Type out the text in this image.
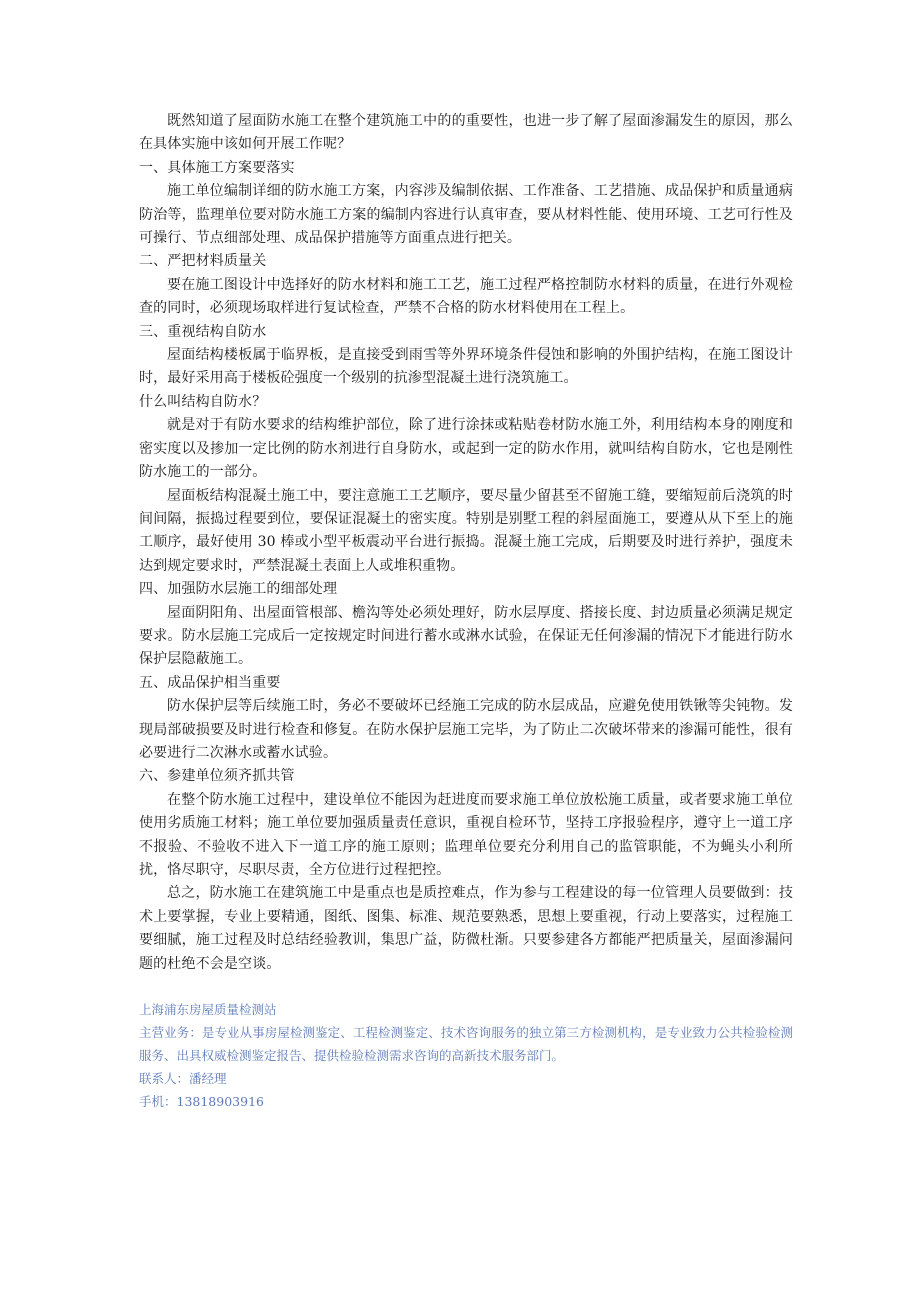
既然知道了屋面防水施工在整个建筑施工中的的重要性，也进一步了解了屋面渗漏发生的原因，那么在具体实施中该如何开展工作呢？

一、具体施工方案要落实

施工单位编制详细的防水施工方案，内容涉及编制依据、工作准备、工艺措施、成品保护和质量通病防治等，监理单位要对防水施工方案的编制内容进行认真审查，要从材料性能、使用环境、工艺可行性及可操行、节点细部处理、成品保护措施等方面重点进行把关。

二、严把材料质量关

要在施工图设计中选择好的防水材料和施工工艺，施工过程严格控制防水材料的质量，在进行外观检查的同时，必须现场取样进行复试检查，严禁不合格的防水材料使用在工程上。

三、重视结构自防水

屋面结构楼板属于临界板，是直接受到雨雪等外界环境条件侵蚀和影响的外围护结构，在施工图设计时，最好采用高于楼板砼强度一个级别的抗渗型混凝土进行浇筑施工。

什么叫结构自防水？

就是对于有防水要求的结构维护部位，除了进行涂抹或粘贴卷材防水施工外，利用结构本身的刚度和密实度以及掺加一定比例的防水剂进行自身防水，或起到一定的防水作用，就叫结构自防水，它也是刚性防水施工的一部分。

屋面板结构混凝土施工中，要注意施工工艺顺序，要尽量少留甚至不留施工缝，要缩短前后浇筑的时间间隔，振捣过程要到位，要保证混凝土的密实度。特别是别墅工程的斜屋面施工，要遵从从下至上的施工顺序，最好使用 30 棒或小型平板震动平台进行振捣。混凝土施工完成，后期要及时进行养护，强度未达到规定要求时，严禁混凝土表面上人或堆积重物。

四、加强防水层施工的细部处理

屋面阴阳角、出屋面管根部、檐沟等处必须处理好，防水层厚度、搭接长度、封边质量必须满足规定要求。防水层施工完成后一定按规定时间进行蓄水或淋水试验，在保证无任何渗漏的情况下才能进行防水保护层隐蔽施工。

五、成品保护相当重要

防水保护层等后续施工时，务必不要破坏已经施工完成的防水层成品，应避免使用铁锹等尖钝物。发现局部破损要及时进行检查和修复。在防水保护层施工完毕，为了防止二次破坏带来的渗漏可能性，很有必要进行二次淋水或蓄水试验。

六、参建单位须齐抓共管

在整个防水施工过程中，建设单位不能因为赶进度而要求施工单位放松施工质量，或者要求施工单位使用劣质施工材料；施工单位要加强质量责任意识，重视自检环节，坚持工序报验程序，遵守上一道工序不报验、不验收不进入下一道工序的施工原则；监理单位要充分利用自己的监管职能，不为蝇头小利所扰，恪尽职守，尽职尽责，全方位进行过程把控。

总之，防水施工在建筑施工中是重点也是质控难点，作为参与工程建设的每一位管理人员要做到：技术上要掌握，专业上要精通，图纸、图集、标准、规范要熟悉，思想上要重视，行动上要落实，过程施工要细腻，施工过程及时总结经验教训，集思广益，防微杜渐。只要参建各方都能严把质量关，屋面渗漏问题的杜绝不会是空谈。

上海浦东房屋质量检测站

主营业务：是专业从事房屋检测鉴定、工程检测鉴定、技术咨询服务的独立第三方检测机构，是专业致力公共检验检测服务、出具权威检测鉴定报告、提供检验检测需求咨询的高新技术服务部门。

联系人：潘经理

手机：13818903916
